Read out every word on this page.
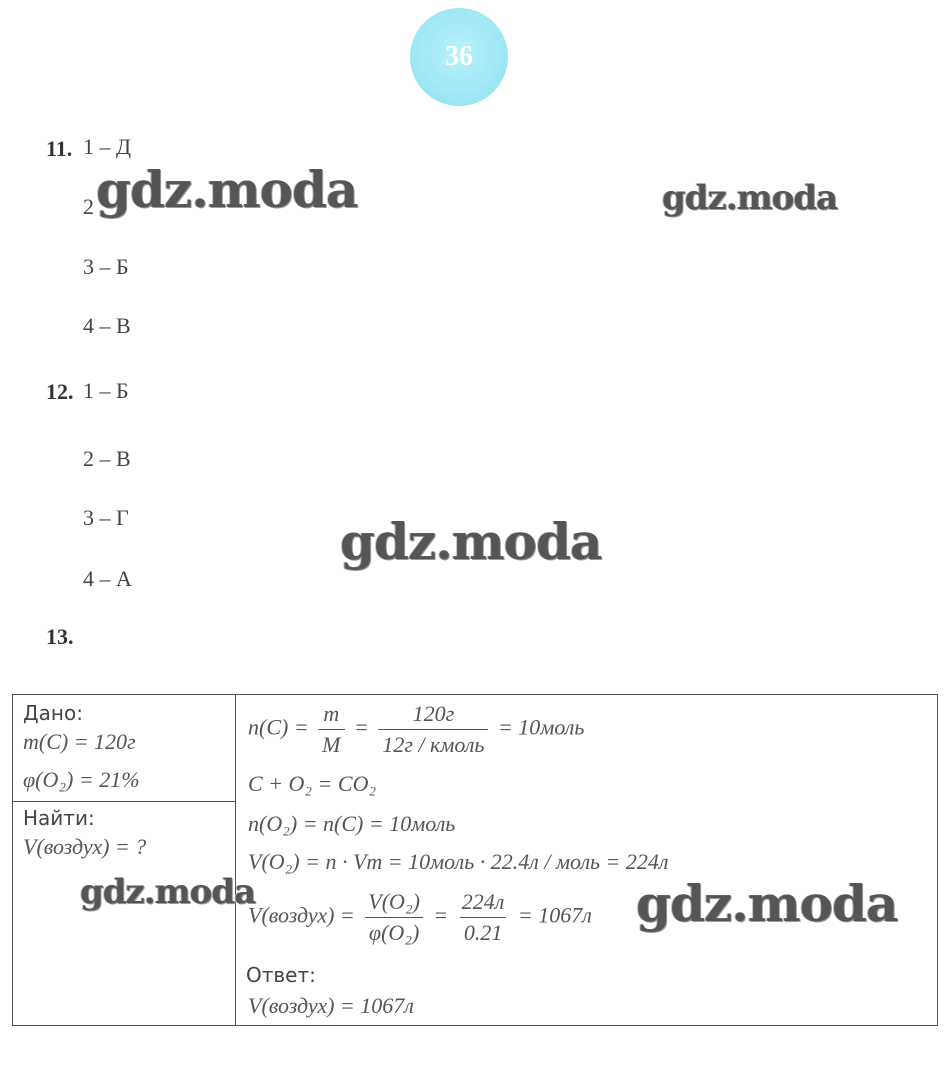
36
11. 1 – Д
2
3 – Б
4 – В
12. 1 – Б
2 – В
3 – Г
4 – А
13.
Дано:
m(C) = 120г
φ(O₂) = 21%
Найти:
V(воздух) = ?
$n(C) = \frac{m}{M} = \frac{120г}{\text{12г / кмоль}}$ = 10моль
C + O₂ = CO₂
n(O₂) = n(C) = 10моль
V(O₂) = n · Vm = 10моль · 22.4л / моль = 224л
V(воздух) = $\frac{\text{V(O₂)}}{\text{φ(O₂)}} = \frac{224л}{0.21} = 1067л$
Ответ:
V(воздух) = 1067л
gdz.moda	gdz.moda
gdz.moda
gdz.moda	gdz.moda
